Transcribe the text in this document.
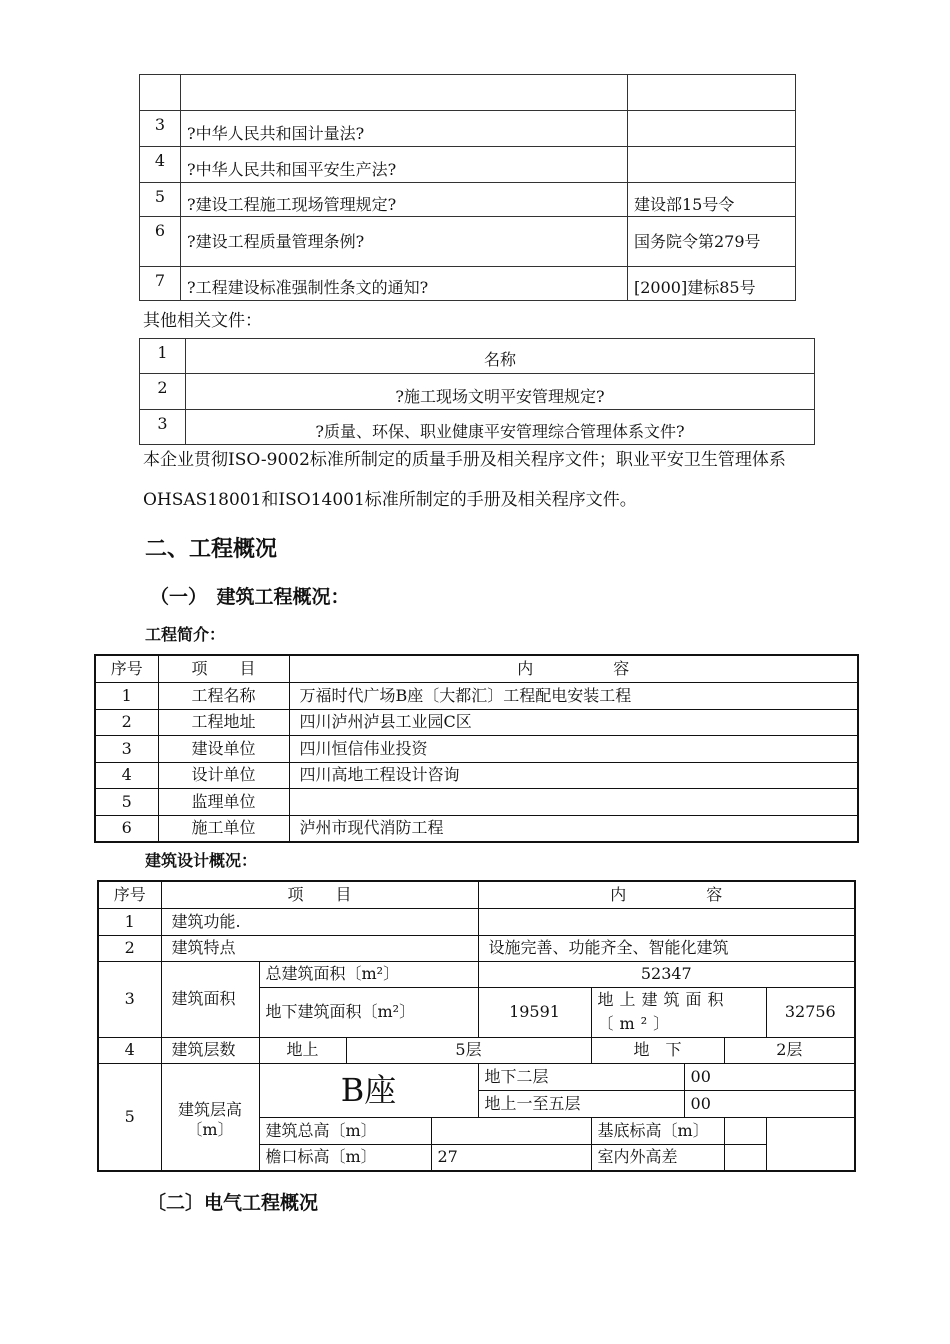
3	?中华人民共和国计量法?	
4	?中华人民共和国平安生产法?	
5	?建设工程施工现场管理规定?	建设部15号令
6	?建设工程质量管理条例?	国务院令第279号
7	?工程建设标准强制性条文的通知?	[2000]建标85号
其他相关文件：
1	名称
2	?施工现场文明平安管理规定?
3	?质量、环保、职业健康平安管理综合管理体系文件?
本企业贯彻ISO-9002标准所制定的质量手册及相关程序文件；职业平安卫生管理体系OHSAS18001和ISO14001标准所制定的手册及相关程序文件。
二、工程概况
（一）　建筑工程概况：
工程简介：
序号	项　　目	内　　　　　容
1	工程名称	万福时代广场B座〔大都汇〕工程配电安装工程
2	工程地址	四川泸州泸县工业园C区
3	建设单位	四川恒信伟业投资
4	设计单位	四川高地工程设计咨询
5	监理单位	
6	施工单位	泸州市现代消防工程
建筑设计概况：
序号	项　　目				内　　　　　容				
1	建筑功能.								
2	建筑特点				设施完善、功能齐全、智能化建筑				
3	建筑面积	总建筑面积〔m²〕			52347				
		地下建筑面积〔m²〕			19591	地上建筑面积〔m²〕			32756
4	建筑层数	地上	5层			地　下		2层	
5	建筑层高〔m〕	B座			地下二层		00		
					地上一至五层		00		
		建筑总高〔m〕				基底标高〔m〕			
		檐口标高〔m〕		27		室内外高差			
〔二〕电气工程概况
